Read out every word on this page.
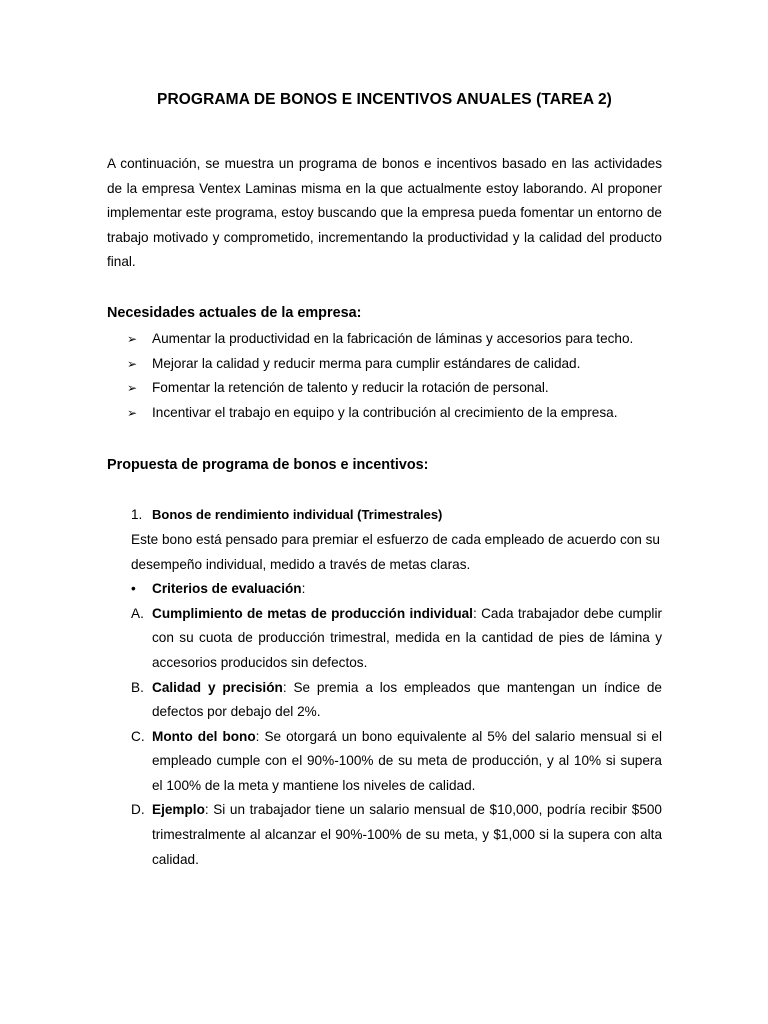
PROGRAMA DE BONOS E INCENTIVOS ANUALES (TAREA 2)

A continuación, se muestra un programa de bonos e incentivos basado en las actividades de la empresa Ventex Laminas misma en la que actualmente estoy laborando. Al proponer implementar este programa, estoy buscando que la empresa pueda fomentar un entorno de trabajo motivado y comprometido, incrementando la productividad y la calidad del producto final.

Necesidades actuales de la empresa:
➢	Aumentar la productividad en la fabricación de láminas y accesorios para techo.
➢	Mejorar la calidad y reducir merma para cumplir estándares de calidad.
➢	Fomentar la retención de talento y reducir la rotación de personal.
➢	Incentivar el trabajo en equipo y la contribución al crecimiento de la empresa.
Propuesta de programa de bonos e incentivos:
1. Bonos de rendimiento individual (Trimestrales)
Este bono está pensado para premiar el esfuerzo de cada empleado de acuerdo con su desempeño individual, medido a través de metas claras.
• Criterios de evaluación:
A. Cumplimiento de metas de producción individual: Cada trabajador debe cumplir con su cuota de producción trimestral, medida en la cantidad de pies de lámina y accesorios producidos sin defectos.
B. Calidad y precisión: Se premia a los empleados que mantengan un índice de defectos por debajo del 2%.
C. Monto del bono: Se otorgará un bono equivalente al 5% del salario mensual si el empleado cumple con el 90%-100% de su meta de producción, y al 10% si supera el 100% de la meta y mantiene los niveles de calidad.
D. Ejemplo: Si un trabajador tiene un salario mensual de $10,000, podría recibir $500 trimestralmente al alcanzar el 90%-100% de su meta, y $1,000 si la supera con alta calidad.
